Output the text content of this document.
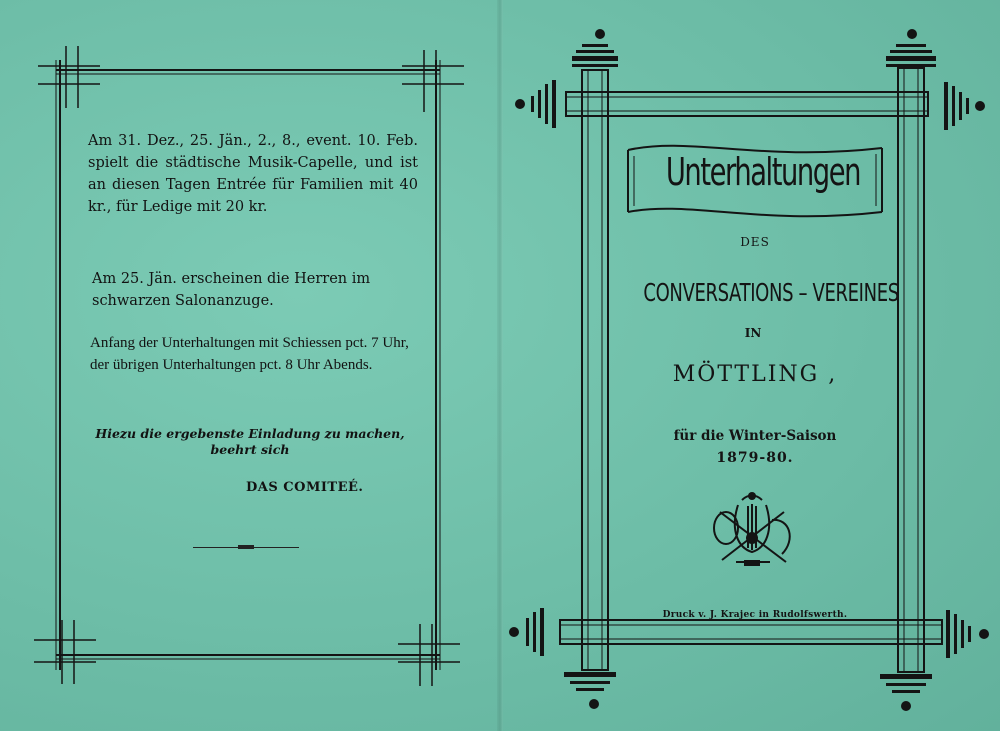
Am 31. Dez., 25. Jän., 2., 8., event. 10. Feb. spielt die städtische Musik-Capelle, und ist an diesen Tagen Entrée für Familien mit 40 kr., für Ledige mit 20 kr.
Am 25. Jän. erscheinen die Herren im schwarzen Salonanzuge.
Anfang der Unterhaltungen mit Schiessen pct. 7 Uhr, der übrigen Unterhaltungen pct. 8 Uhr Abends.
Hiezu die ergebenste Einladung zu machen, beehrt sich
DAS COMITEÉ.
Unterhaltungen
DES
CONVERSATIONS – VEREINES
IN
MÖTTLING ,
für die Winter-Saison
1879-80.
Druck v. J. Krajec in Rudolfswerth.
